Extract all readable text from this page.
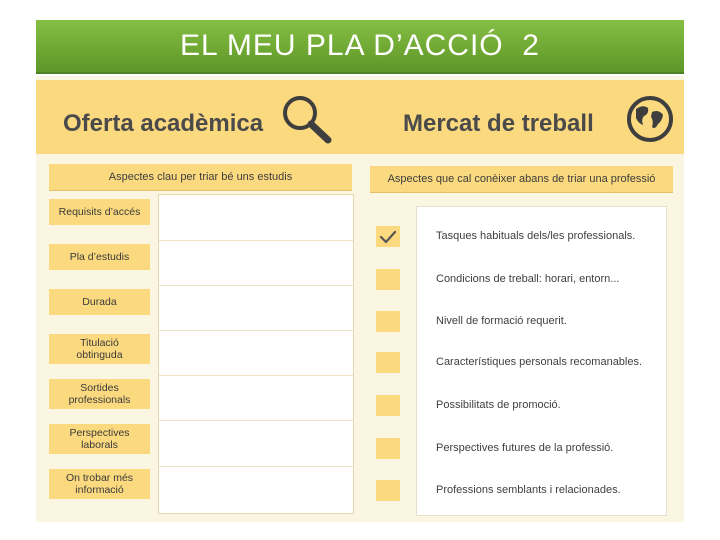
EL MEU PLA D’ACCIÓ  2
Oferta acadèmica	Mercat de treball
Aspectes clau per triar bé uns estudis	Aspectes que cal conèixer abans de triar una professió
Requisits d’accés
Pla d’estudis
Durada
Titulació
obtinguda
Sortides
professionals
Perspectives
laborals
On trobar més
informació
Tasques habituals dels/les professionals.
Condicions de treball: horari, entorn...
Nivell de formació requerit.
Característiques personals recomanables.
Possibilitats de promoció.
Perspectives futures de la professió.
Professions semblants i relacionades.
